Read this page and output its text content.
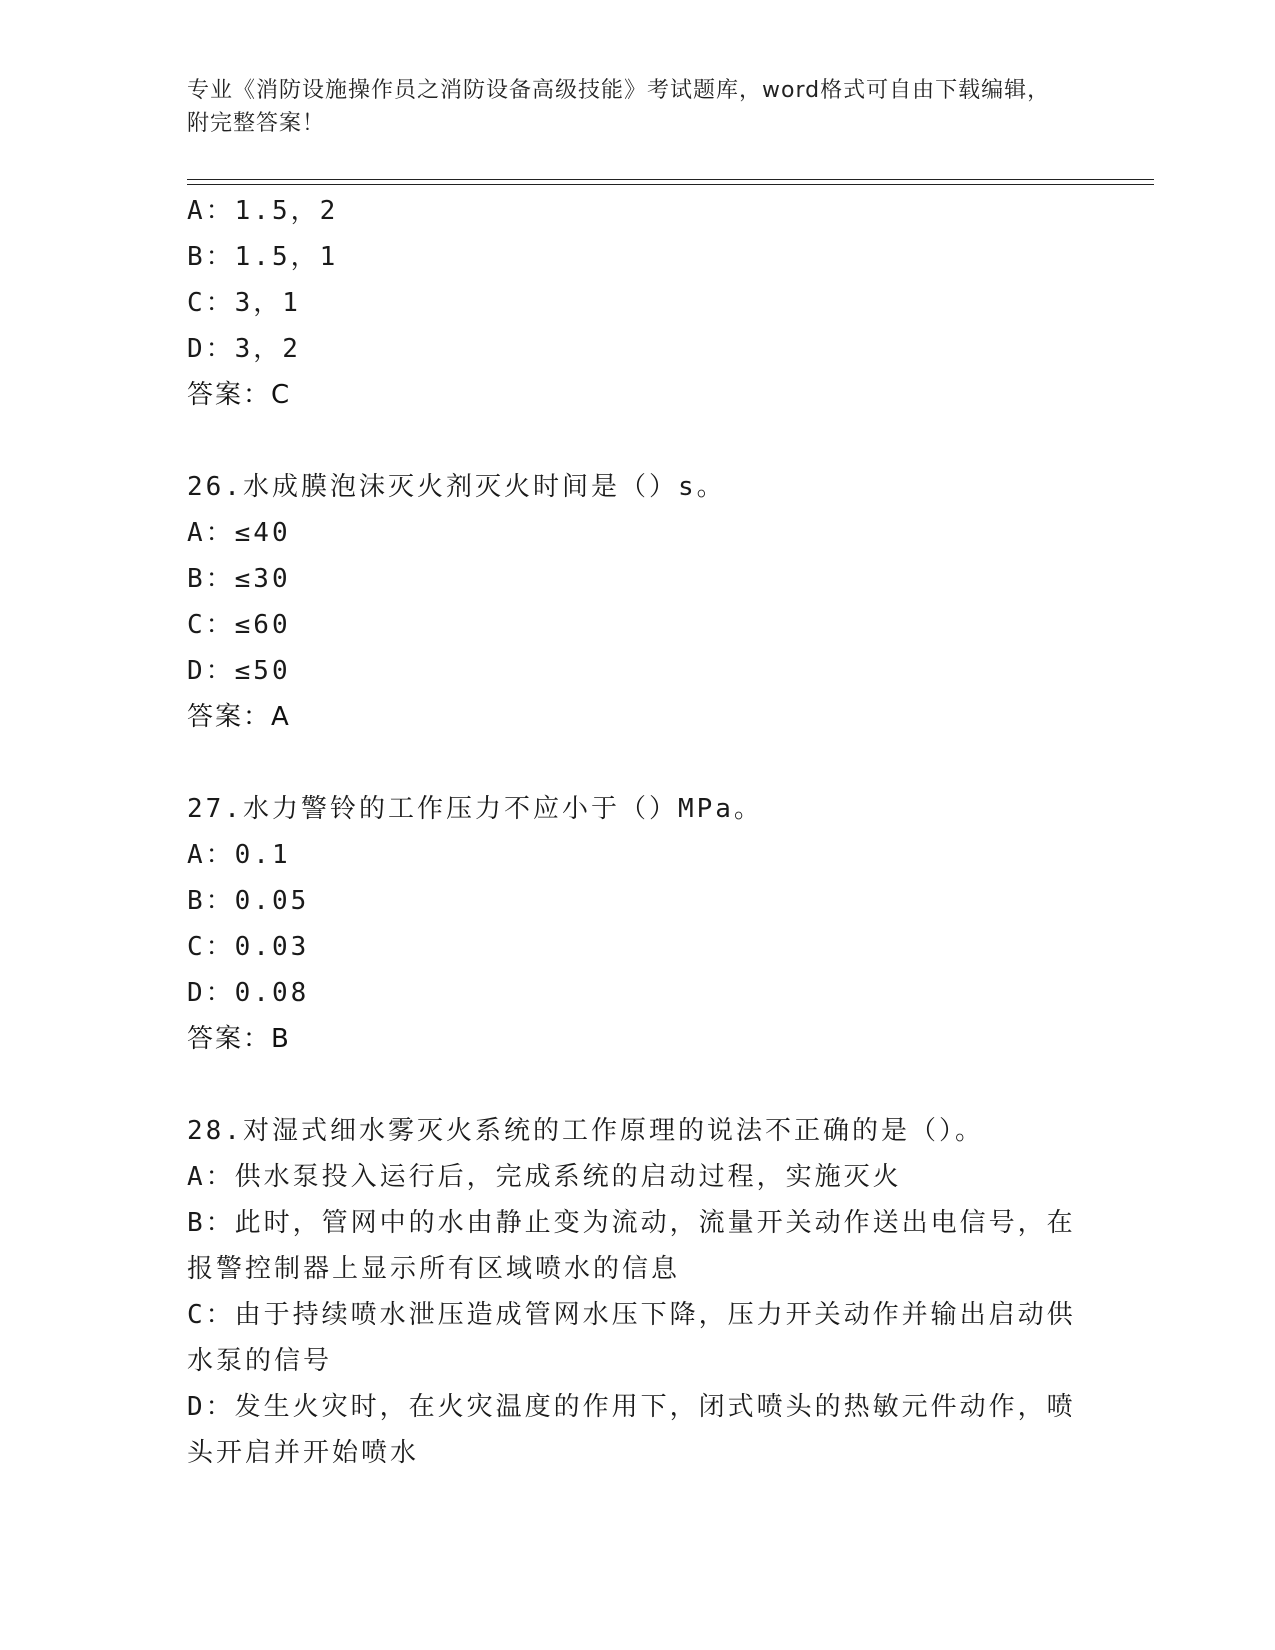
专业《消防设施操作员之消防设备高级技能》考试题库，word格式可自由下载编辑，附完整答案！
A：1.5，2
B：1.5，1
C：3，1
D：3，2
答案：C
26.水成膜泡沫灭火剂灭火时间是（）s。
A：≤40
B：≤30
C：≤60
D：≤50
答案：A
27.水力警铃的工作压力不应小于（）MPa。
A：0.1
B：0.05
C：0.03
D：0.08
答案：B
28.对湿式细水雾灭火系统的工作原理的说法不正确的是（）。
A：供水泵投入运行后，完成系统的启动过程，实施灭火
B：此时，管网中的水由静止变为流动，流量开关动作送出电信号，在报警控制器上显示所有区域喷水的信息
C：由于持续喷水泄压造成管网水压下降，压力开关动作并输出启动供水泵的信号
D：发生火灾时，在火灾温度的作用下，闭式喷头的热敏元件动作，喷头开启并开始喷水
